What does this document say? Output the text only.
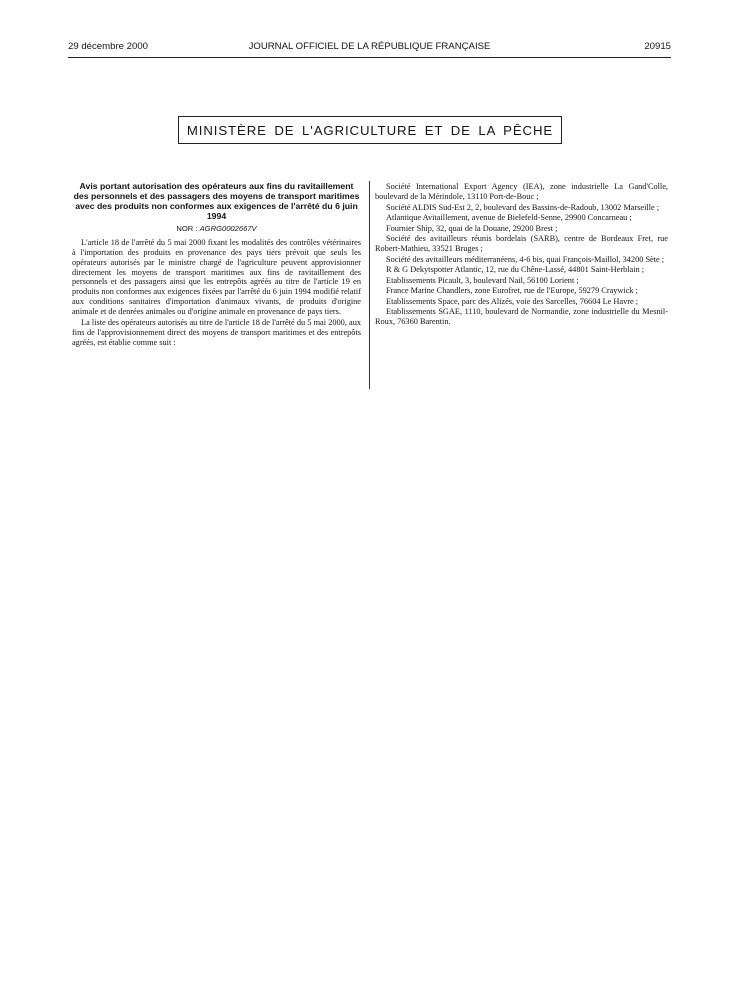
29 décembre 2000	JOURNAL OFFICIEL DE LA RÉPUBLIQUE FRANÇAISE	20915
MINISTÈRE DE L'AGRICULTURE ET DE LA PÊCHE

Avis portant autorisation des opérateurs aux fins du ravitaillement des personnels et des passagers des moyens de transport maritimes avec des produits non conformes aux exigences de l'arrêté du 6 juin 1994

NOR : AGRG0002667V

L'article 18 de l'arrêté du 5 mai 2000 fixant les modalités des contrôles vétérinaires à l'importation des produits en provenance des pays tiers prévoit que seuls les opérateurs autorisés par le ministre chargé de l'agriculture peuvent approvisionner directement les moyens de transport maritimes aux fins de ravitaillement des personnels et des passagers ainsi que les entrepôts agréés au titre de l'article 19 en produits non conformes aux exigences fixées par l'arrêté du 6 juin 1994 modifié relatif aux conditions sanitaires d'importation d'animaux vivants, de produits d'origine animale et de denrées animales ou d'origine animale en provenance de pays tiers.

La liste des opérateurs autorisés au titre de l'article 18 de l'arrêté du 5 mai 2000, aux fins de l'approvisionnement direct des moyens de transport maritimes et des entrepôts agréés, est établie comme suit :

Société International Export Agency (IEA), zone industrielle La Gand'Colle, boulevard de la Mérindole, 13110 Port-de-Bouc ;

Société ALDIS Sud-Est 2, 2, boulevard des Bassins-de-Radoub, 13002 Marseille ;

Atlantique Avitaillement, avenue de Bielefeld-Senne, 29900 Concarneau ;

Fournier Ship, 32, quai de la Douane, 29200 Brest ;

Société des avitailleurs réunis bordelais (SARB), centre de Bordeaux Fret, rue Robert-Mathieu, 33521 Bruges ;

Société des avitailleurs méditerranéens, 4-6 bis, quai François-Maillol, 34200 Sète ;

R & G Dekytspotter Atlantic, 12, rue du Chêne-Lassé, 44801 Saint-Herblain ;

Etablissements Picault, 3, boulevard Nail, 56100 Lorient ;

France Marine Chandlers, zone Eurofret, rue de l'Europe, 59279 Craywick ;

Etablissements Space, parc des Alizés, voie des Sarcelles, 76604 Le Havre ;

Etablissements SGAE, 1110, boulevard de Normandie, zone industrielle du Mesnil-Roux, 76360 Barentin.
